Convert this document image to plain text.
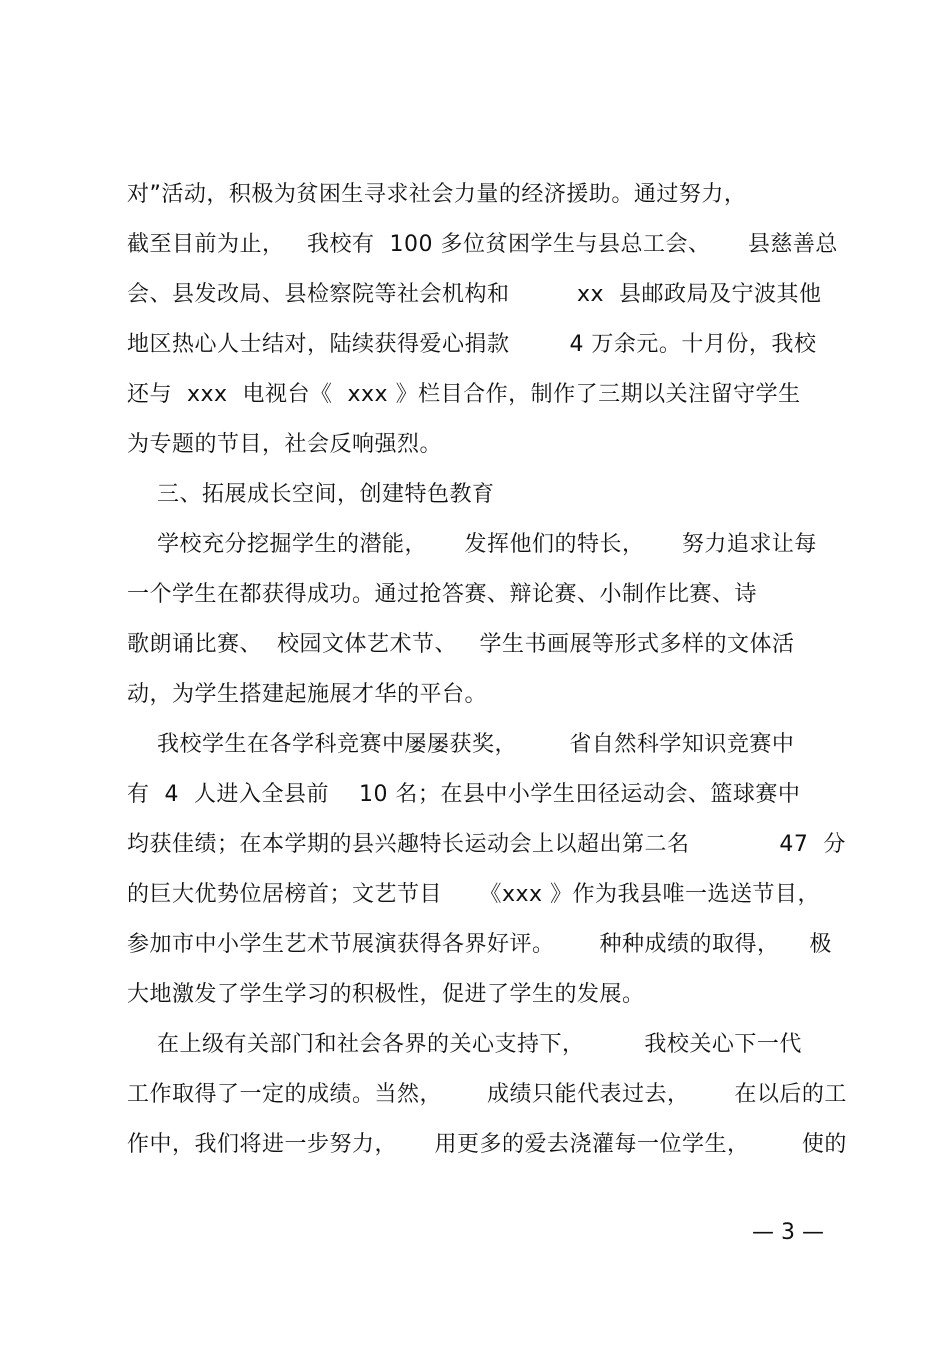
对”活动，积极为贫困生寻求社会力量的经济援助。通过努力，
截至目前为止，   我校有  100 多位贫困学生与县总工会、     县慈善总
会、县发改局、县检察院等社会机构和         xx  县邮政局及宁波其他
地区热心人士结对，陆续获得爱心捐款        4 万余元。十月份，我校
还与  xxx  电视台《  xxx 》栏目合作，制作了三期以关注留守学生
为专题的节目，社会反响强烈。
三、拓展成长空间，创建特色教育
学校充分挖掘学生的潜能，     发挥他们的特长，     努力追求让每
一个学生在都获得成功。通过抢答赛、辩论赛、小制作比赛、诗
歌朗诵比赛、  校园文体艺术节、   学生书画展等形式多样的文体活
动，为学生搭建起施展才华的平台。
我校学生在各学科竞赛中屡屡获奖，       省自然科学知识竞赛中
有  4  人进入全县前    10 名；在县中小学生田径运动会、篮球赛中
均获佳绩；在本学期的县兴趣特长运动会上以超出第二名            47  分
的巨大优势位居榜首；文艺节目     《xxx 》作为我县唯一选送节目，
参加市中小学生艺术节展演获得各界好评。      种种成绩的取得，    极
大地激发了学生学习的积极性，促进了学生的发展。
在上级有关部门和社会各界的关心支持下，        我校关心下一代
工作取得了一定的成绩。当然，      成绩只能代表过去，      在以后的工
作中，我们将进一步努力，     用更多的爱去浇灌每一位学生，       使的
— 3 —
